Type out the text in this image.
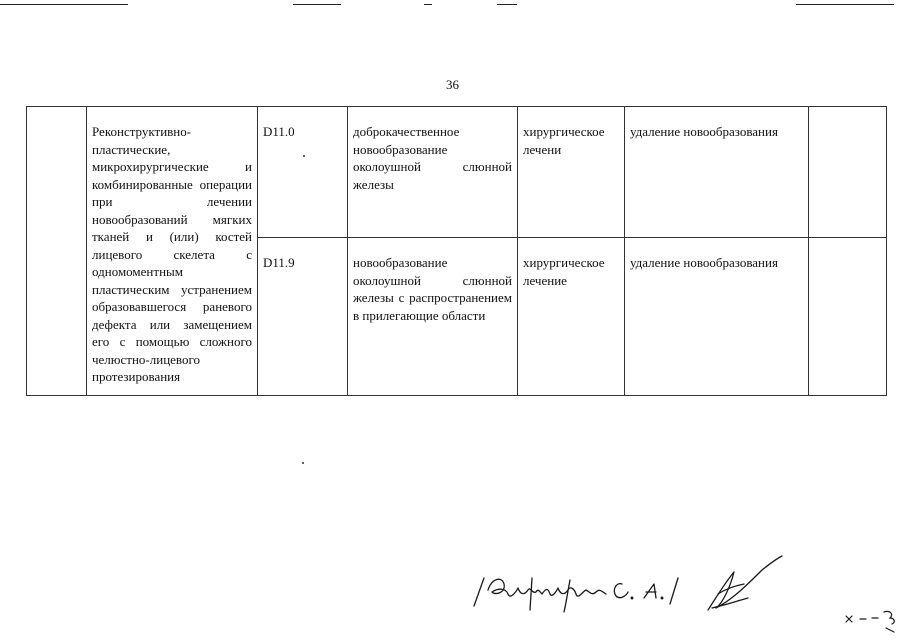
36

	Реконструктивно-пластические, микрохирургические и комбинированные операции при лечении новообразований мягких тканей и (или) костей лицевого скелета с одномоментным пластическим устранением образовавшегося раневого дефекта или замещением его с помощью сложного челюстно-лицевого протезирования	D11.0	доброкачественное новообразование околоушной слюнной железы	хирургическое лечени	удаление новообразования	

		D11.9	новообразование околоушной слюнной железы с распространением в прилегающие области	хирургическое лечение	удаление новообразования	
